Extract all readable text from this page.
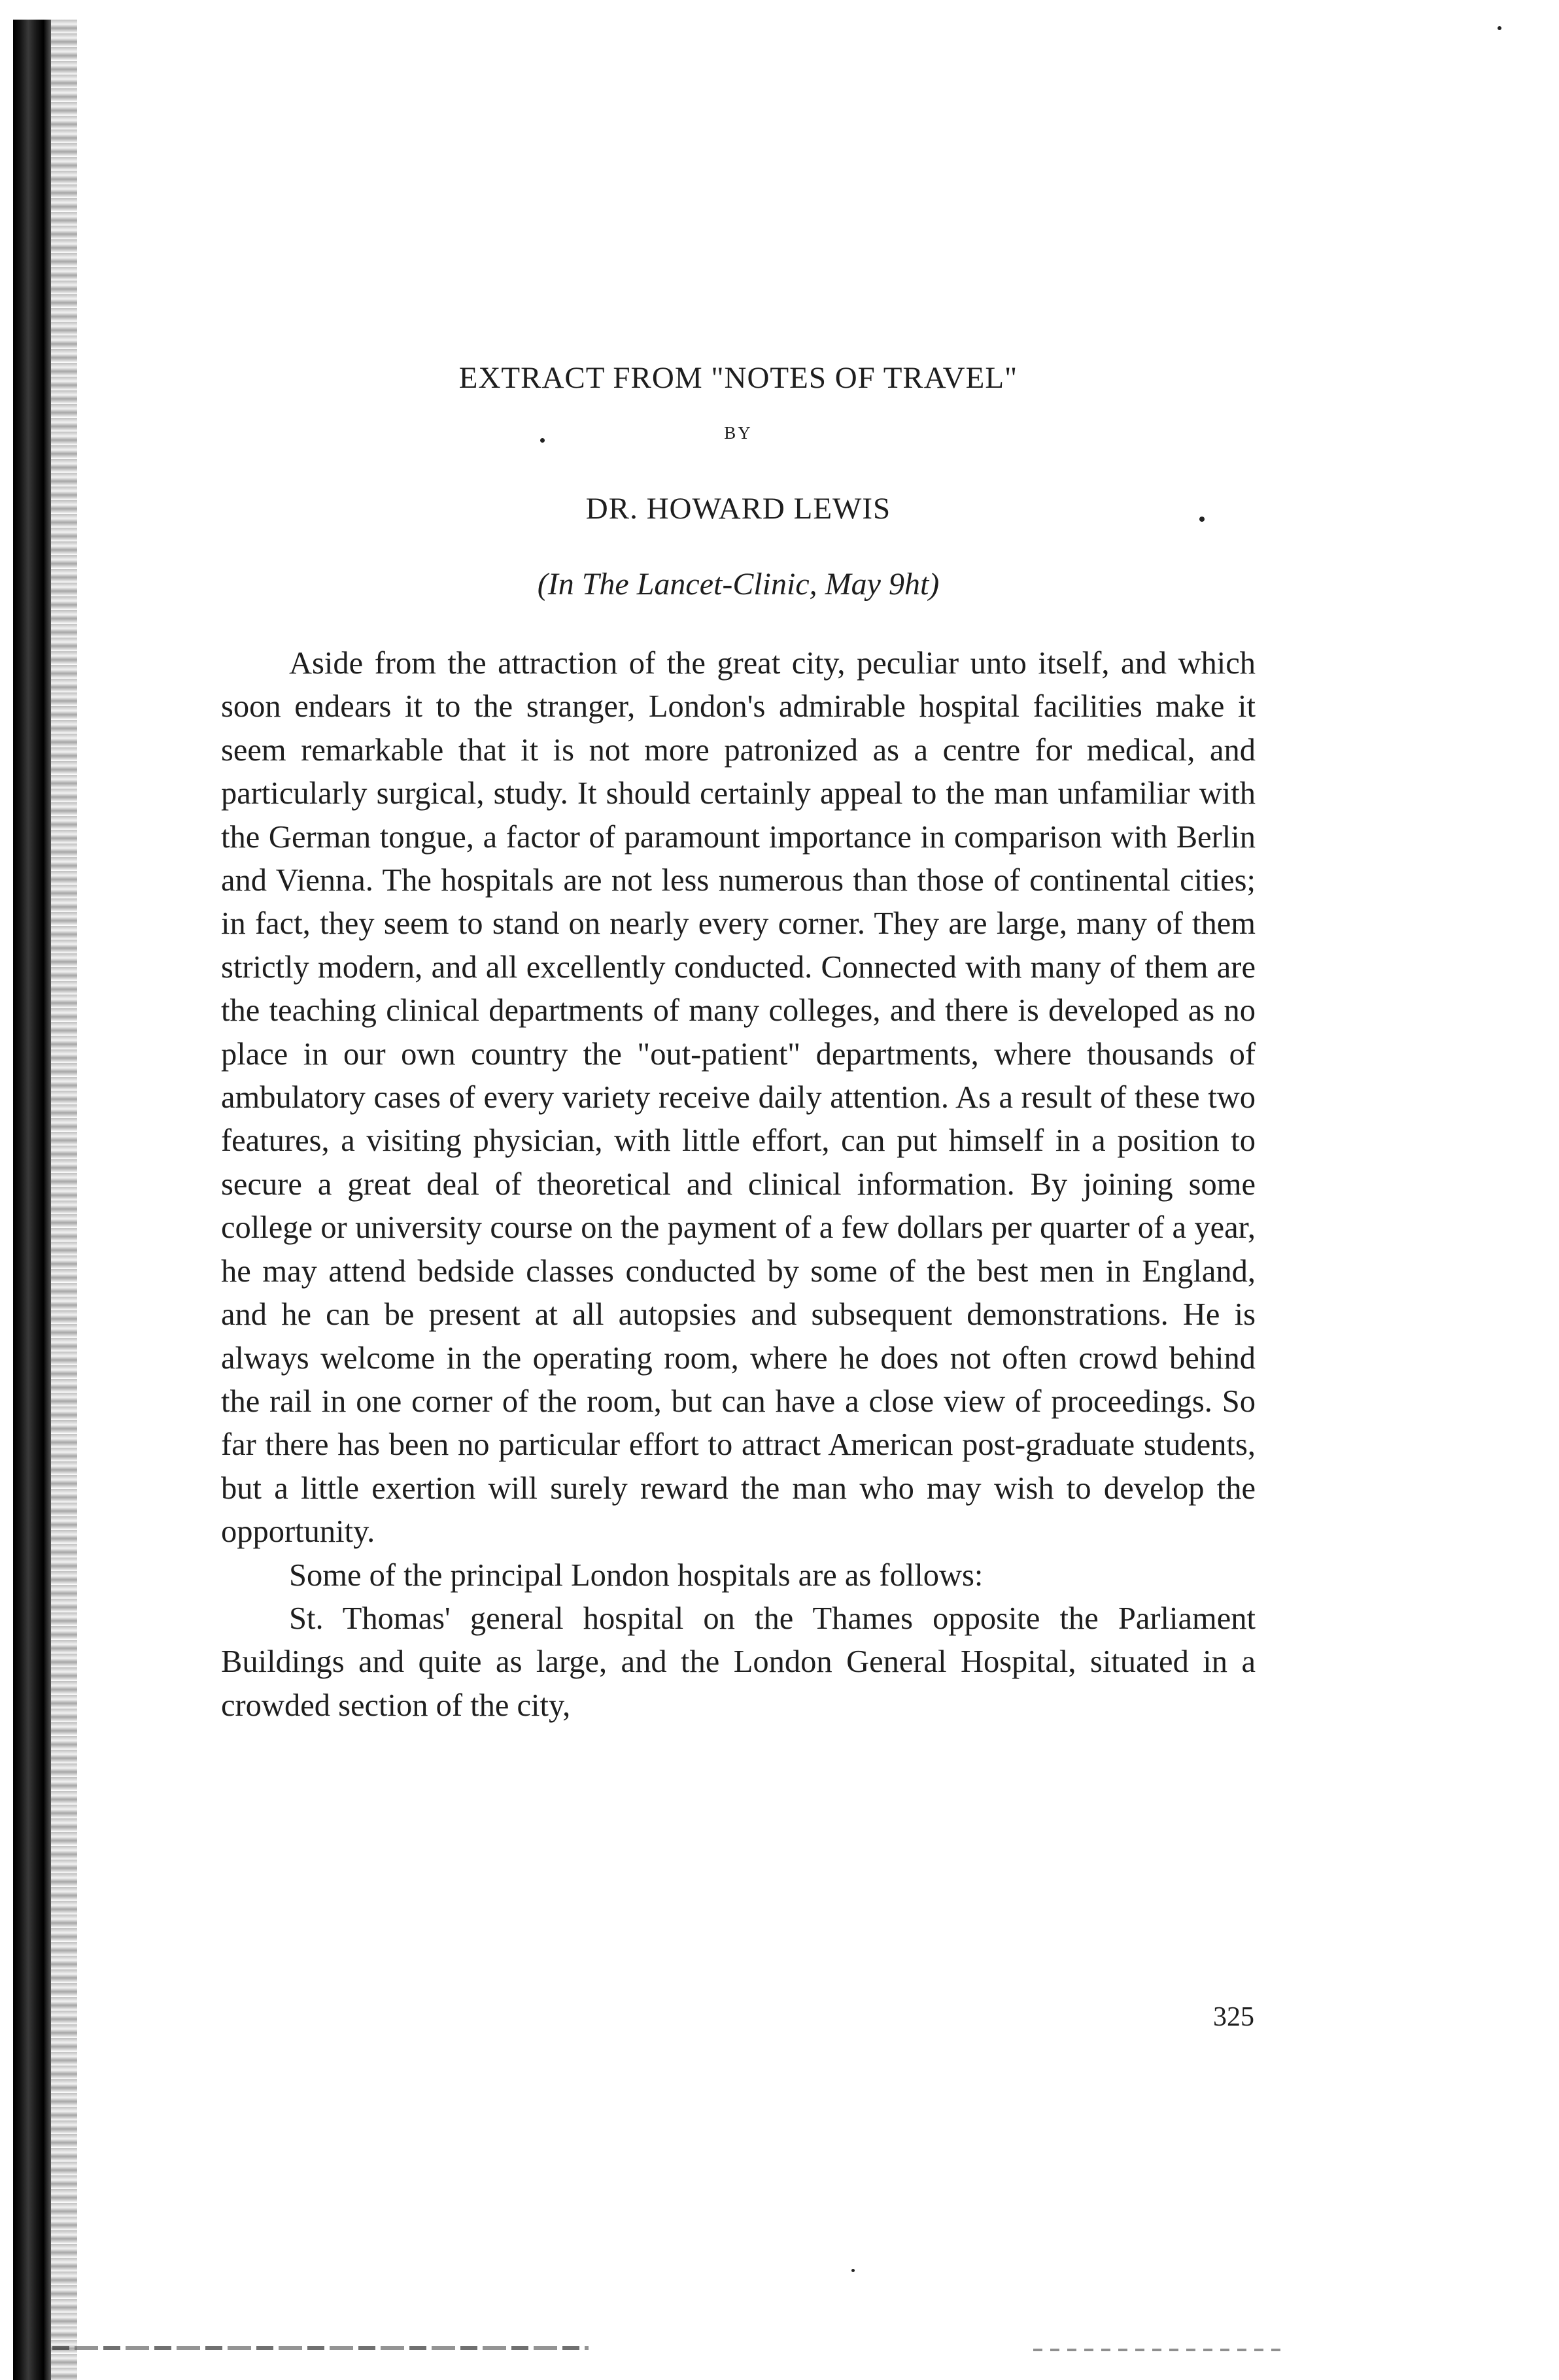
EXTRACT FROM "NOTES OF TRAVEL"
BY
DR. HOWARD LEWIS
(In The Lancet-Clinic, May 9ht)

Aside from the attraction of the great city, peculiar unto itself, and which soon endears it to the stranger, London's admirable hospital facilities make it seem remarkable that it is not more patronized as a centre for medical, and particularly surgical, study. It should certainly appeal to the man unfamiliar with the German tongue, a factor of paramount importance in comparison with Berlin and Vienna. The hospitals are not less numerous than those of continental cities; in fact, they seem to stand on nearly every corner. They are large, many of them strictly modern, and all excellently conducted. Connected with many of them are the teaching clinical departments of many colleges, and there is developed as no place in our own country the "out-patient" departments, where thousands of ambulatory cases of every variety receive daily attention. As a result of these two features, a visiting physician, with little effort, can put himself in a position to secure a great deal of theoretical and clinical information. By joining some college or university course on the payment of a few dollars per quarter of a year, he may attend bedside classes conducted by some of the best men in England, and he can be present at all autopsies and subsequent demonstrations. He is always welcome in the operating room, where he does not often crowd behind the rail in one corner of the room, but can have a close view of proceedings. So far there has been no particular effort to attract American post-graduate students, but a little exertion will surely reward the man who may wish to develop the opportunity.

Some of the principal London hospitals are as follows:

St. Thomas' general hospital on the Thames opposite the Parliament Buildings and quite as large, and the London General Hospital, situated in a crowded section of the city,

325
